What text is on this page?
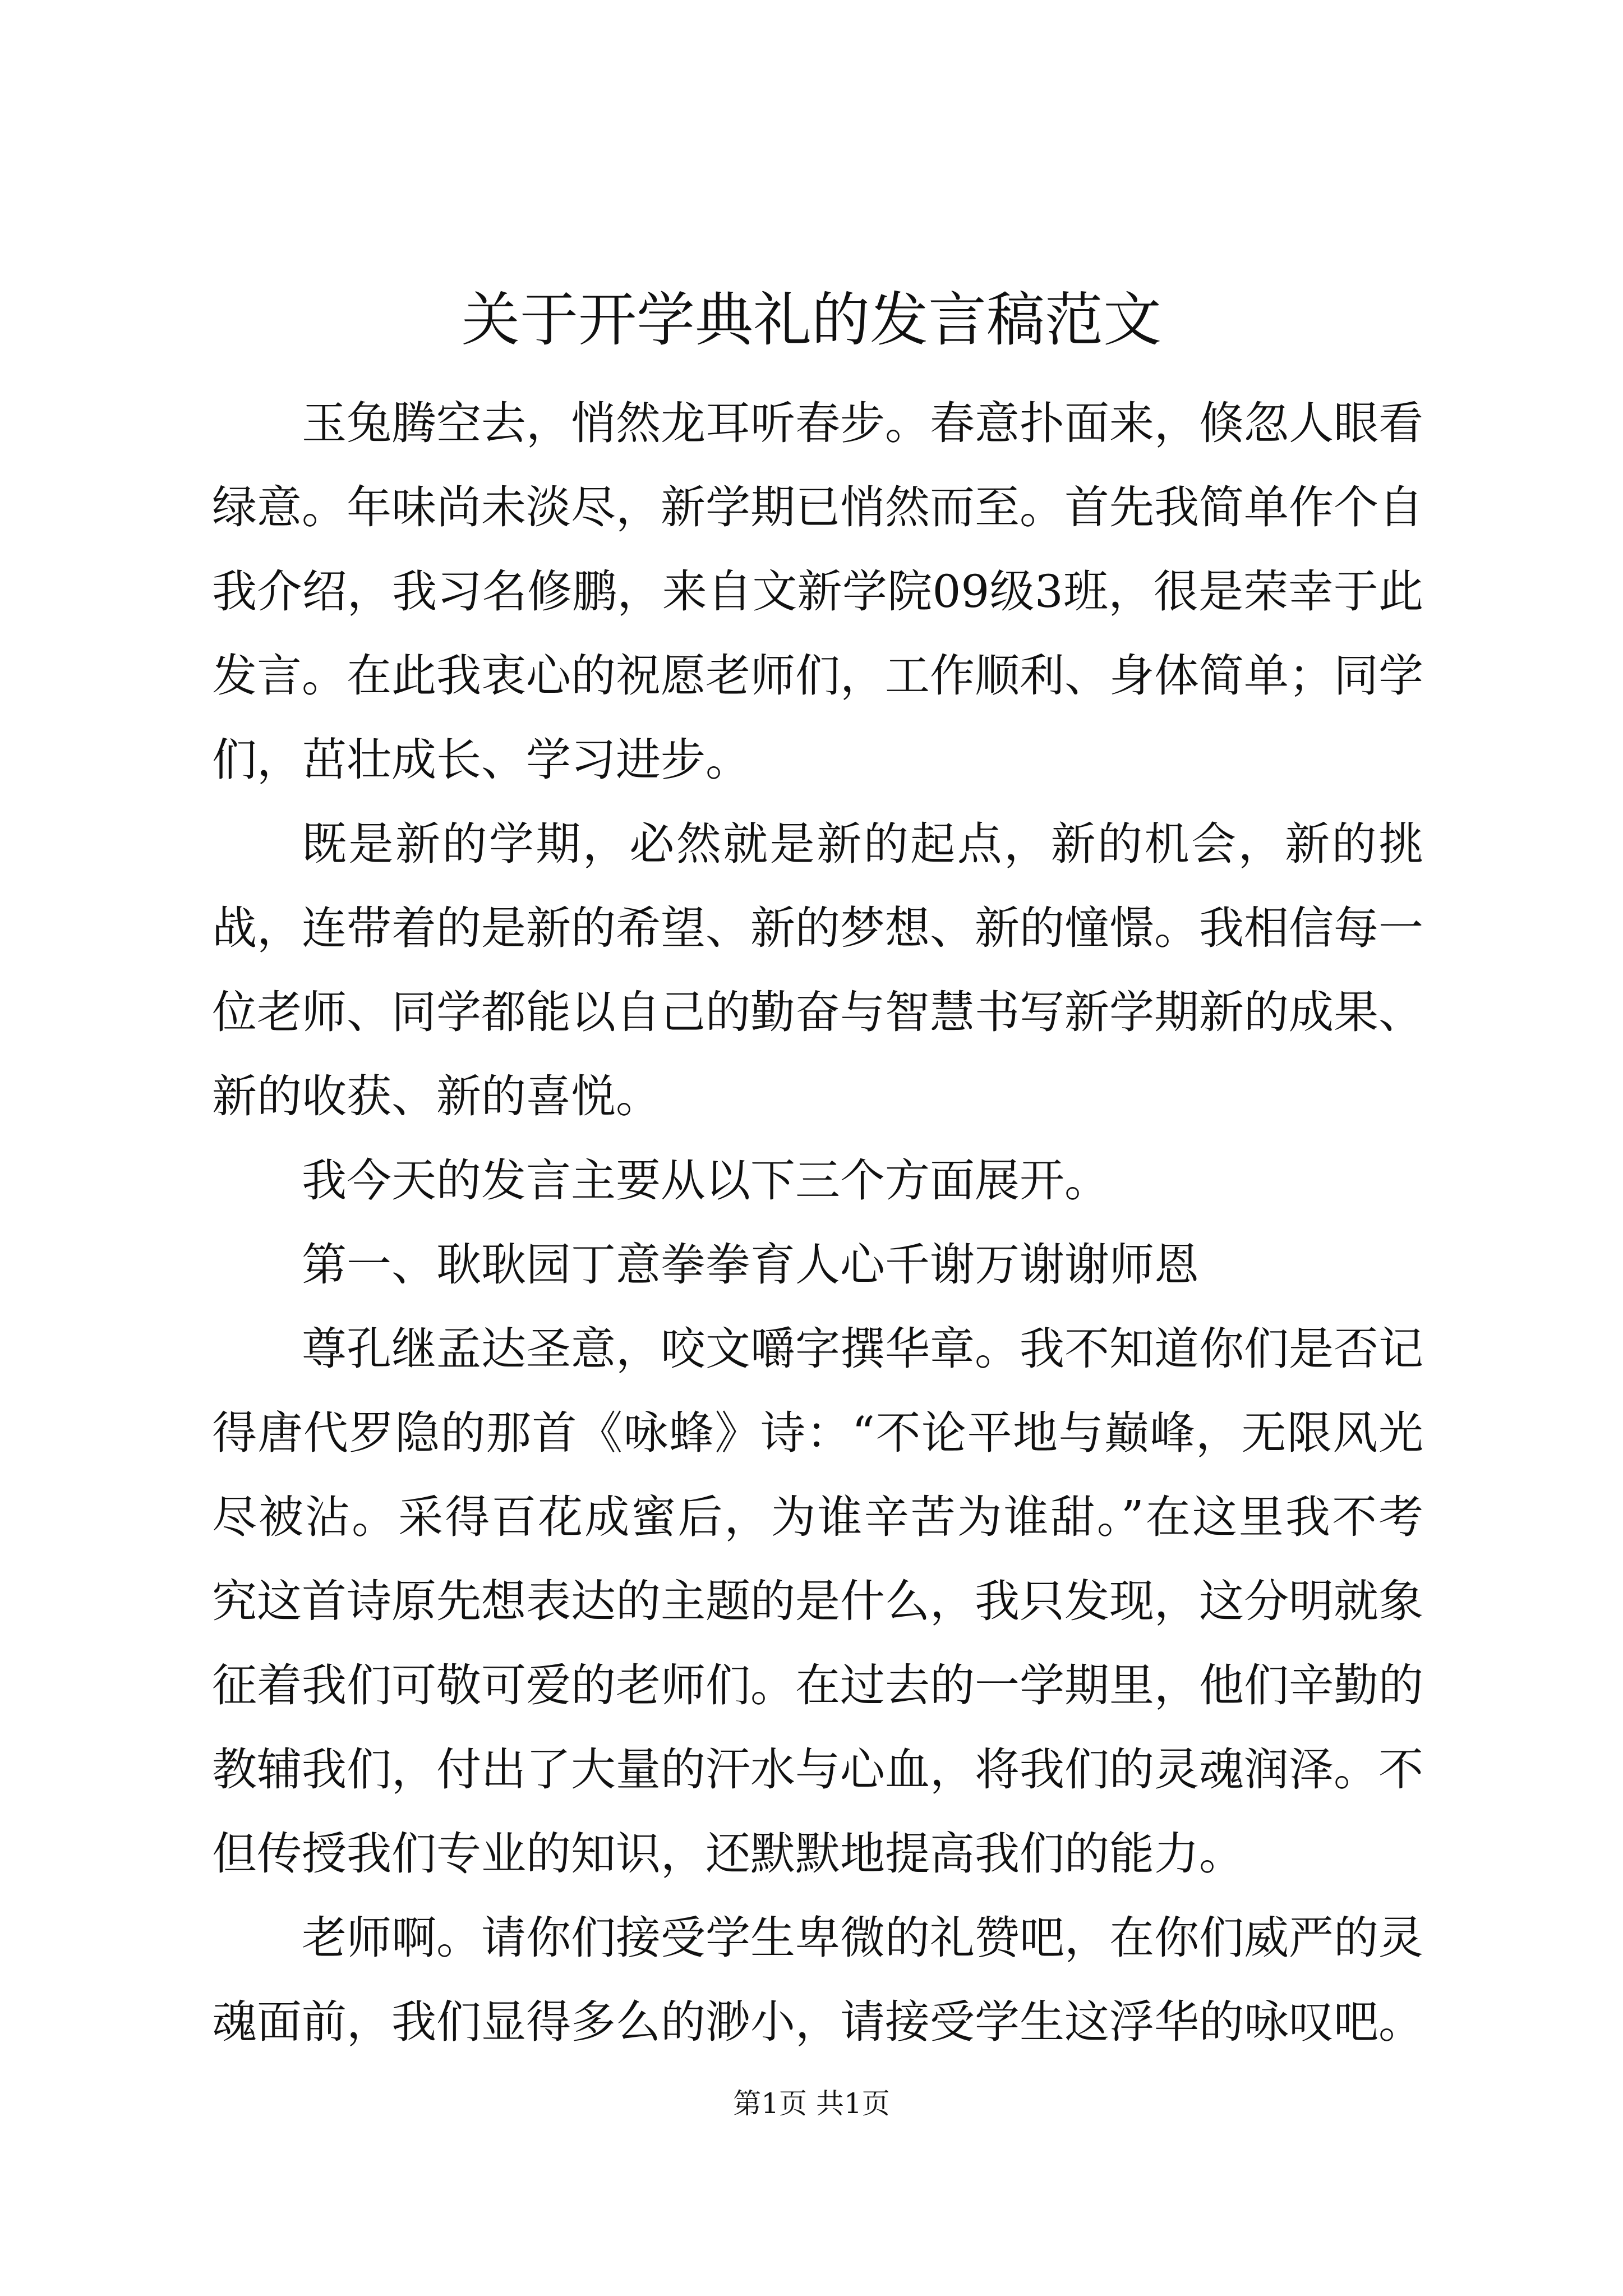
关于开学典礼的发言稿范文

玉兔腾空去，悄然龙耳听春步。春意扑面来，倏忽人眼看绿意。年味尚未淡尽，新学期已悄然而至。首先我简单作个自我介绍，我习名修鹏，来自文新学院09级3班，很是荣幸于此发言。在此我衷心的祝愿老师们，工作顺利、身体简单；同学们，茁壮成长、学习进步。

既是新的学期，必然就是新的起点，新的机会，新的挑战，连带着的是新的希望、新的梦想、新的憧憬。我相信每一位老师、同学都能以自己的勤奋与智慧书写新学期新的成果、新的收获、新的喜悦。

我今天的发言主要从以下三个方面展开。

第一、耿耿园丁意拳拳育人心千谢万谢谢师恩

尊孔继孟达圣意，咬文嚼字撰华章。我不知道你们是否记得唐代罗隐的那首《咏蜂》诗：“不论平地与巅峰，无限风光尽被沾。采得百花成蜜后，为谁辛苦为谁甜。”在这里我不考究这首诗原先想表达的主题的是什么，我只发现，这分明就象征着我们可敬可爱的老师们。在过去的一学期里，他们辛勤的教辅我们，付出了大量的汗水与心血，将我们的灵魂润泽。不但传授我们专业的知识，还默默地提高我们的能力。

老师啊。请你们接受学生卑微的礼赞吧，在你们威严的灵魂面前，我们显得多么的渺小，请接受学生这浮华的咏叹吧。

第1页 共1页
